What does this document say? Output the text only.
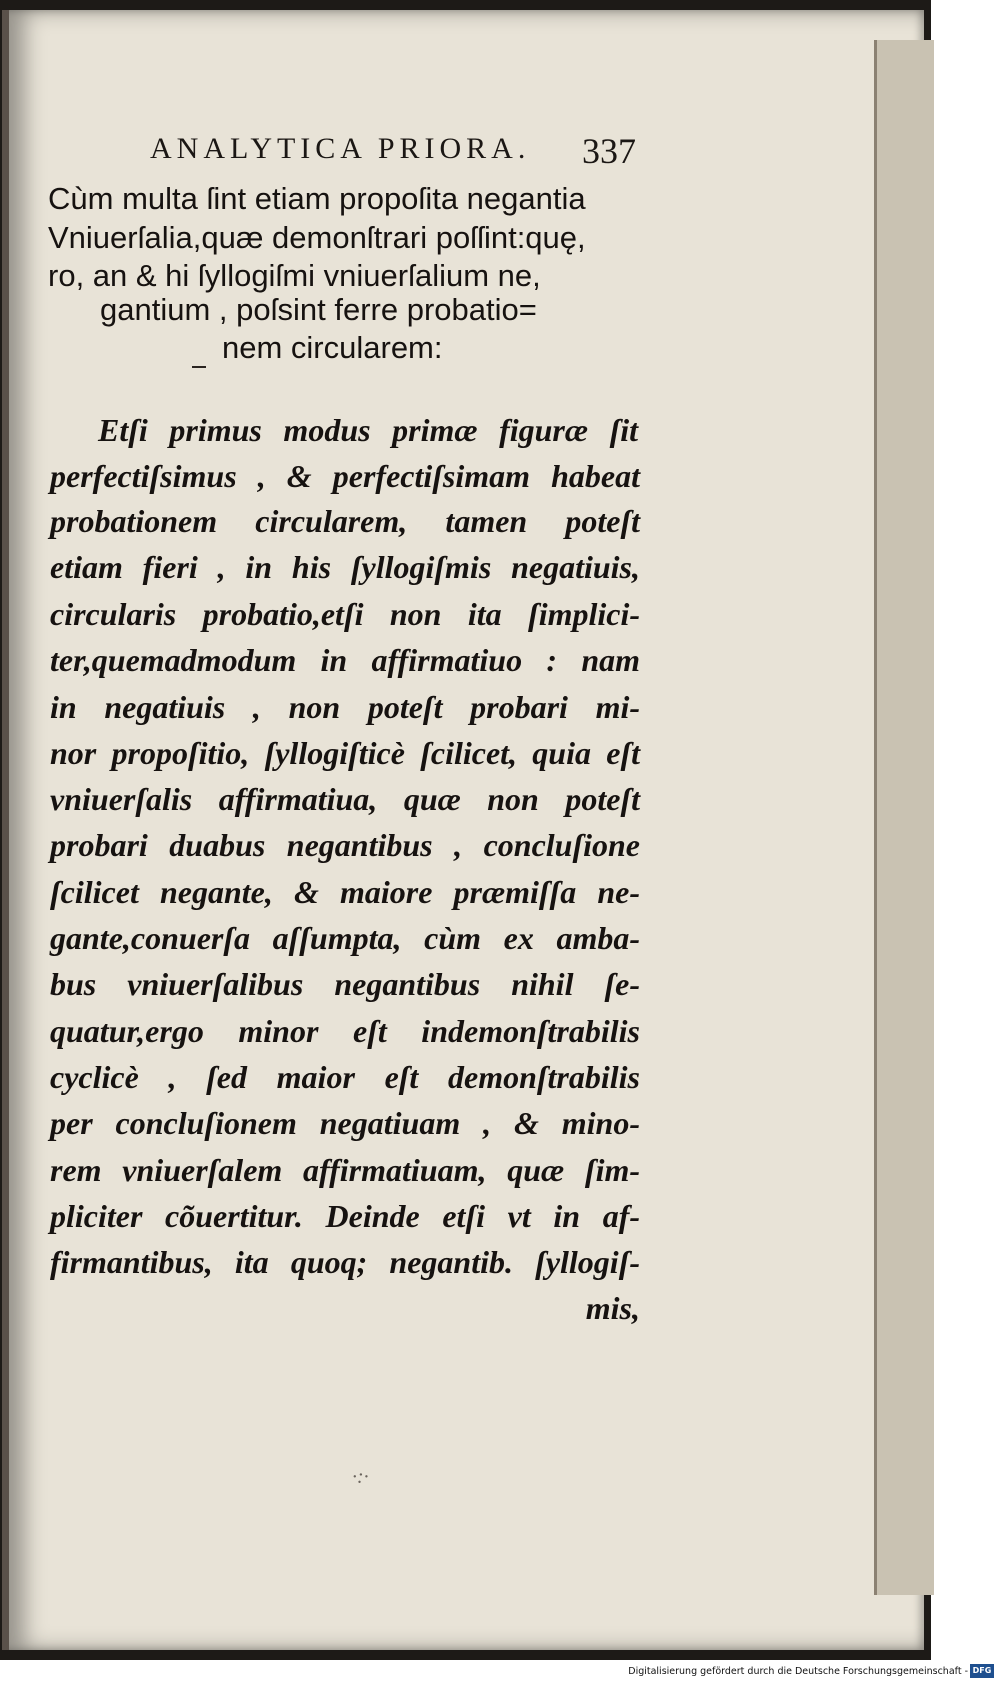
ANALYTICA PRIORA.	337
Cùm multa ſint etiam propoſita negantia
Vniuerſalia,quæ demonſtrari poſſint:quę,
ro, an & hi ſyllogiſmi vniuerſalium ne,
gantium , poſsint ferre probatio=
nem circularem:
Etſi primus modus primæ figuræ ſit
perfectiſsimus , & perfectiſsimam habeat
probationem circularem, tamen poteſt
etiam fieri , in his ſyllogiſmis negatiuis,
circularis probatio,etſi non ita ſimplici-
ter,quemadmodum in affirmatiuo : nam
in negatiuis , non poteſt probari mi-
nor propoſitio, ſyllogiſticè ſcilicet, quia eſt
vniuerſalis affirmatiua, quæ non poteſt
probari duabus negantibus , concluſione
ſcilicet negante, & maiore præmiſſa ne-
gante,conuerſa aſſumpta, cùm ex amba-
bus vniuerſalibus negantibus nihil ſe-
quatur,ergo minor eſt indemonſtrabilis
cyclicè , ſed maior eſt demonſtrabilis
per concluſionem negatiuam , & mino-
rem vniuerſalem affirmatiuam, quæ ſim-
pliciter cõuertitur. Deinde etſi vt in af-
firmantibus, ita quoq; negantib. ſyllogiſ-
mis,
·:·
Digitalisierung gefördert durch die Deutsche Forschungsgemeinschaft - DFG
